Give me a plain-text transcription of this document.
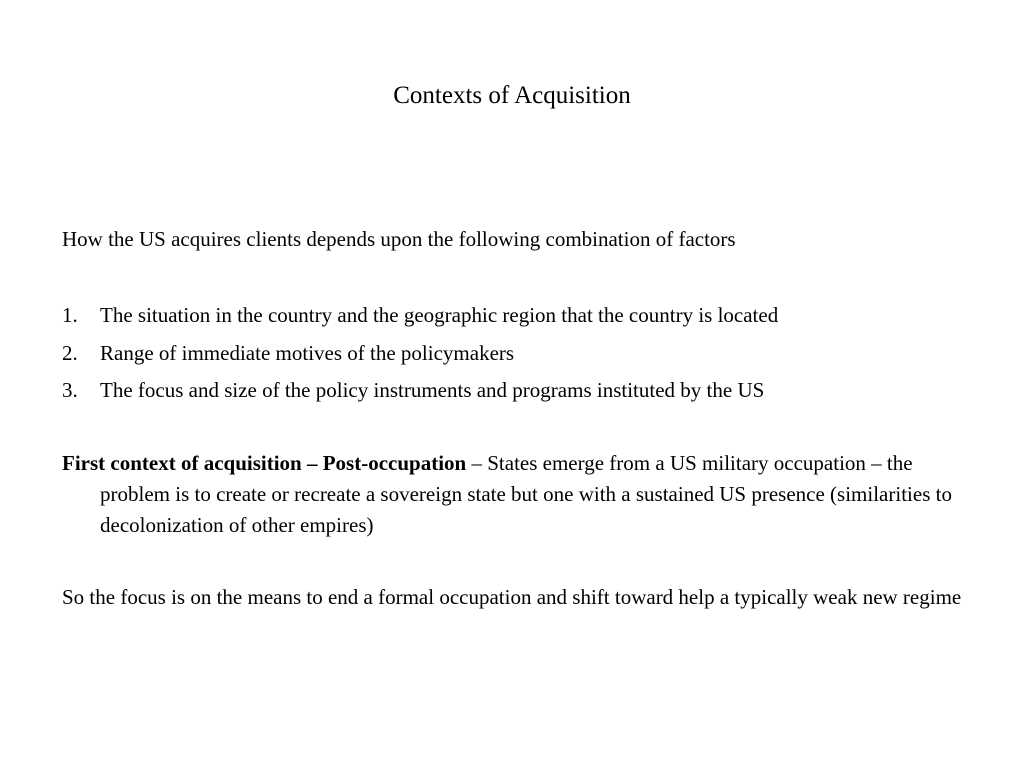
Contexts of Acquisition

How the US acquires clients depends upon the following combination of factors

1.	The situation in the country and the geographic region that the country is located
2.	Range of immediate motives of the policymakers
3.	The focus and size of the policy instruments and programs instituted by the US

First context of acquisition – Post-occupation – States emerge from a US military occupation – the problem is to create or recreate a sovereign state but one with a sustained US presence (similarities to decolonization of other empires)

So the focus is on the means to end a formal occupation and shift toward help a typically weak new regime
